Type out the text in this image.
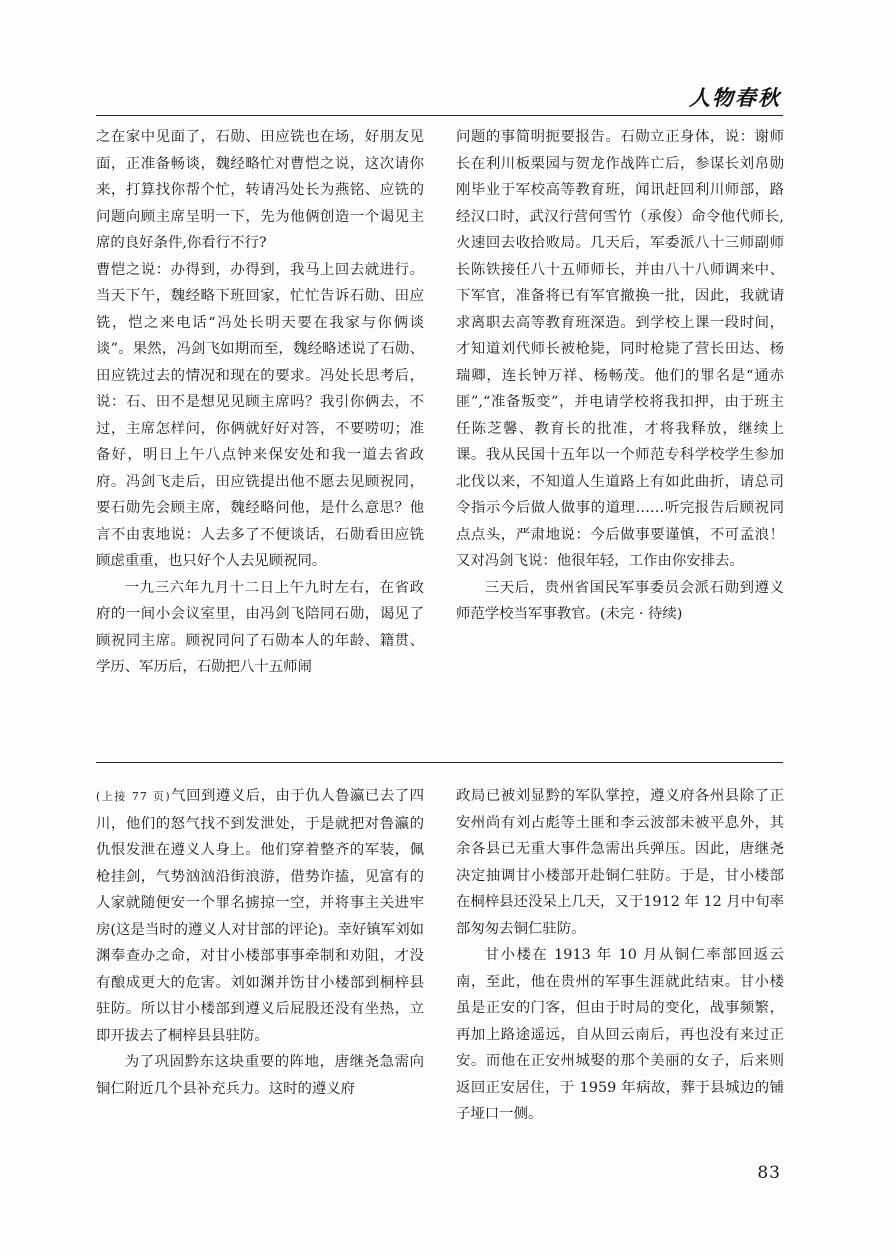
人物春秋

之在家中见面了，石勋、田应铣也在场，好朋友见面，正准备畅谈，魏经略忙对曹恺之说，这次请你来，打算找你帮个忙，转请冯处长为燕铭、应铣的问题向顾主席呈明一下，先为他俩创造一个谒见主席的良好条件,你看行不行?

曹恺之说：办得到，办得到，我马上回去就进行。当天下午，魏经略下班回家，忙忙告诉石勋、田应铣，恺之来电话“冯处长明天要在我家与你俩谈谈”。果然，冯剑飞如期而至，魏经略述说了石勋、田应铣过去的情况和现在的要求。冯处长思考后，说：石、田不是想见见顾主席吗？我引你俩去，不过，主席怎样问，你俩就好好对答，不要唠叨；准备好，明日上午八点钟来保安处和我一道去省政府。冯剑飞走后，田应铣提出他不愿去见顾祝同，要石勋先会顾主席，魏经略问他，是什么意思？他言不由衷地说：人去多了不便谈话，石勋看田应铣顾虑重重，也只好个人去见顾祝同。

一九三六年九月十二日上午九时左右，在省政府的一间小会议室里，由冯剑飞陪同石勋，谒见了顾祝同主席。顾祝同问了石勋本人的年龄、籍贯、学历、军历后，石勋把八十五师闹

问题的事简明扼要报告。石勋立正身体，说：谢师长在利川板栗园与贺龙作战阵亡后，参谋长刘帛勋刚毕业于军校高等教育班，闻讯赶回利川师部，路经汉口时，武汉行营何雪竹（承俊）命令他代师长,火速回去收拾败局。几天后，军委派八十三师副师长陈铁接任八十五师师长，并由八十八师调来中、下军官，准备将已有军官撤换一批，因此，我就请求离职去高等教育班深造。到学校上课一段时间，才知道刘代师长被枪毙，同时枪毙了营长田达、杨瑞卿，连长钟万祥、杨畅茂。他们的罪名是“通赤匪”,“准备叛变”，并电请学校将我扣押，由于班主任陈芝馨、教育长的批准，才将我释放，继续上课。我从民国十五年以一个师范专科学校学生参加北伐以来，不知道人生道路上有如此曲折，请总司令指示今后做人做事的道理……听完报告后顾祝同点点头，严肃地说：今后做事要谨慎，不可孟浪！又对冯剑飞说：他很年轻，工作由你安排去。

三天后，贵州省国民军事委员会派石勋到遵义师范学校当军事教官。(未完 · 待续)

(上接 77 页)气回到遵义后，由于仇人鲁瀛已去了四川，他们的怒气找不到发泄处，于是就把对鲁瀛的仇恨发泄在遵义人身上。他们穿着整齐的军装，佩枪挂剑，气势汹汹沿街浪游，借势诈搕，见富有的人家就随便安一个罪名掳掠一空，并将事主关进牢房(这是当时的遵义人对甘部的评论)。幸好镇军刘如渊奉查办之命，对甘小楼部事事牵制和劝阻，才没有酿成更大的危害。刘如渊并饬甘小楼部到桐梓县驻防。所以甘小楼部到遵义后屁股还没有坐热，立即开拔去了桐梓县县驻防。

为了巩固黔东这块重要的阵地，唐继尧急需向铜仁附近几个县补充兵力。这时的遵义府

政局已被刘显黔的军队掌控，遵义府各州县除了正安州尚有刘占彪等土匪和李云波部未被平息外，其余各县已无重大事件急需出兵弹压。因此，唐继尧决定抽调甘小楼部开赴铜仁驻防。于是，甘小楼部在桐梓县还没呆上几天，又于1912 年 12 月中旬率部匆匆去铜仁驻防。

甘小楼在 1913 年 10 月从铜仁率部回返云南，至此，他在贵州的军事生涯就此结束。甘小楼虽是正安的门客，但由于时局的变化，战事频繁，再加上路途遥远，自从回云南后，再也没有来过正安。而他在正安州城娶的那个美丽的女子，后来则返回正安居住，于 1959 年病故，葬于县城边的铺子垭口一侧。

83
